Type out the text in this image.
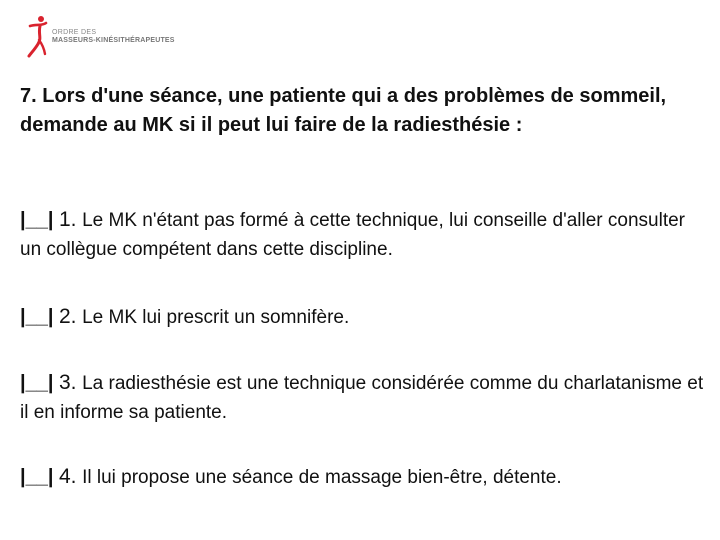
ORDRE DES
MASSEURS-KINÉSITHÉRAPEUTES
7. Lors d'une séance, une patiente qui a des problèmes de sommeil, demande au MK si il peut lui faire de la radiesthésie :
|__| 1. Le MK n'étant pas formé à cette technique, lui conseille d'aller consulter un collègue compétent dans cette discipline.
|__| 2. Le MK lui prescrit un somnifère.
|__| 3. La radiesthésie est une technique considérée comme du charlatanisme et il en informe sa patiente.
|__| 4. Il lui propose une séance de massage bien-être, détente.
